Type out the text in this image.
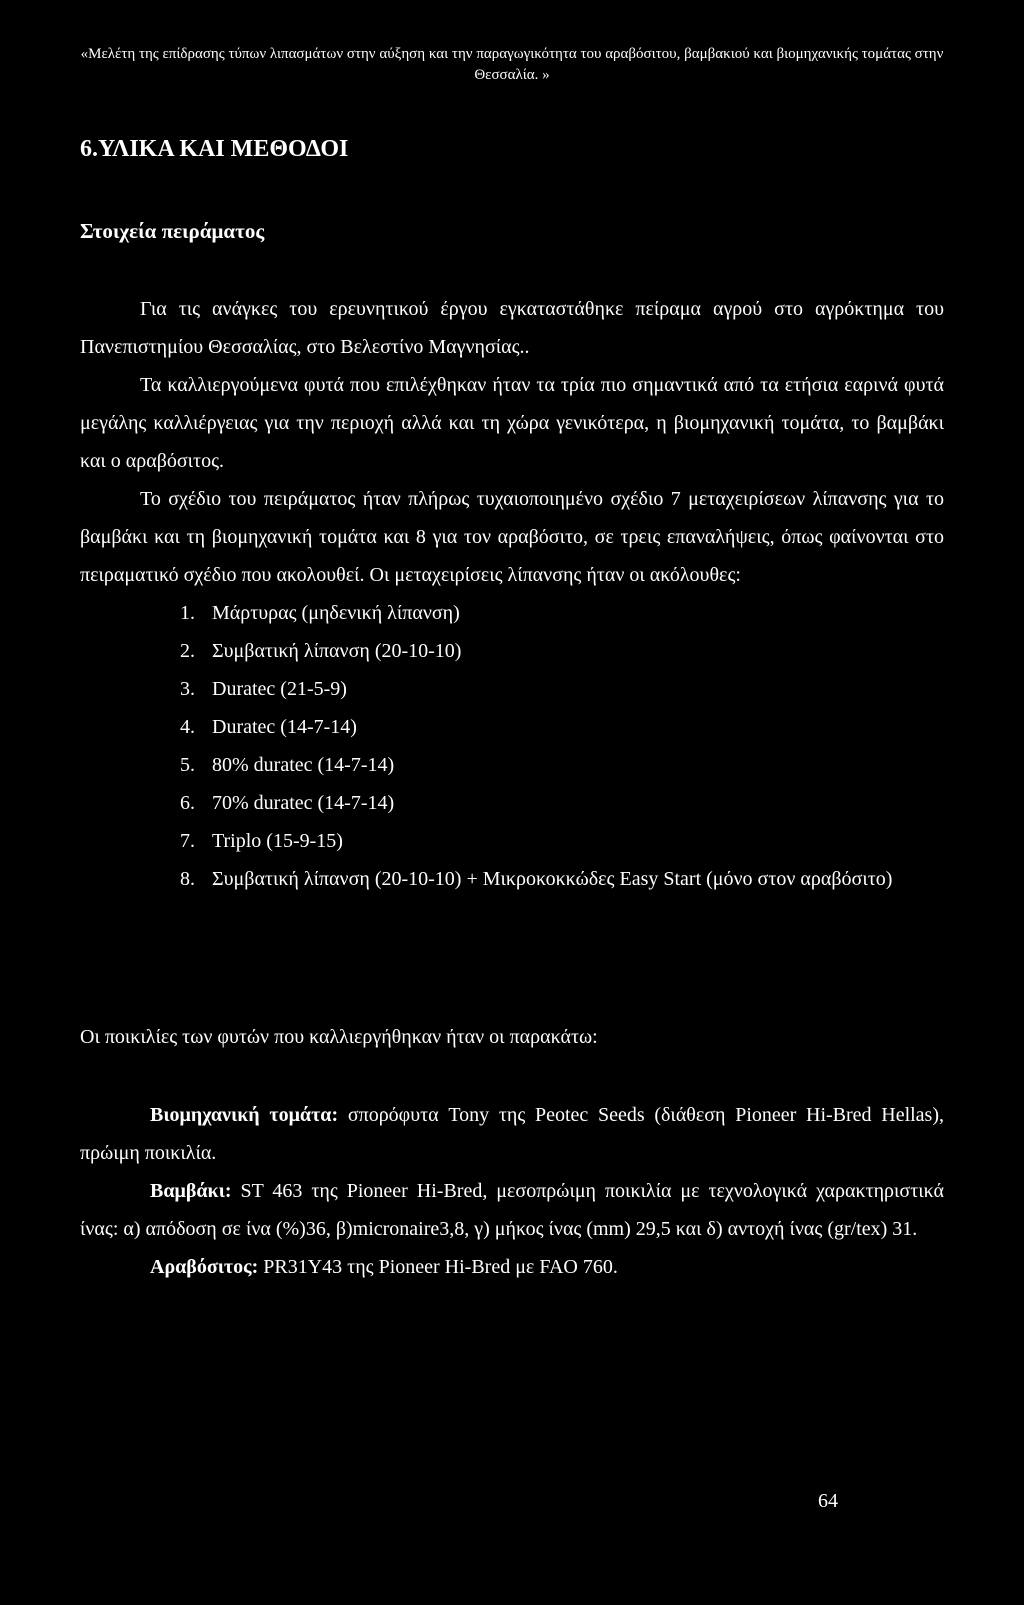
«Μελέτη της επίδρασης τύπων λιπασμάτων στην αύξηση και την παραγωγικότητα του αραβόσιτου, βαμβακιού και βιομηχανικής τομάτας στην Θεσσαλία. »
6.ΥΛΙΚΑ ΚΑΙ ΜΕΘΟΔΟΙ
Στοιχεία πειράματος

Για τις ανάγκες του ερευνητικού έργου εγκαταστάθηκε πείραμα αγρού στο αγρόκτημα του Πανεπιστημίου Θεσσαλίας, στο Βελεστίνο Μαγνησίας..

Τα καλλιεργούμενα φυτά που επιλέχθηκαν ήταν τα τρία πιο σημαντικά από τα ετήσια εαρινά φυτά μεγάλης καλλιέργειας για την περιοχή αλλά και τη χώρα γενικότερα, η βιομηχανική τομάτα, το βαμβάκι και ο αραβόσιτος.

Το σχέδιο του πειράματος ήταν πλήρως τυχαιοποιημένο σχέδιο 7 μεταχειρίσεων λίπανσης για το βαμβάκι και τη βιομηχανική τομάτα και 8 για τον αραβόσιτο, σε τρεις επαναλήψεις, όπως φαίνονται στο πειραματικό σχέδιο που ακολουθεί. Οι μεταχειρίσεις λίπανσης ήταν οι ακόλουθες:

1. Μάρτυρας (μηδενική λίπανση)
2. Συμβατική λίπανση (20-10-10)
3. Duratec (21-5-9)
4. Duratec (14-7-14)
5. 80% duratec (14-7-14)
6. 70% duratec (14-7-14)
7. Triplo (15-9-15)
8. Συμβατική λίπανση (20-10-10) + Μικροκοκκώδες Easy Start (μόνο στον αραβόσιτο)

Οι ποικιλίες των φυτών που καλλιεργήθηκαν ήταν οι παρακάτω:

Βιομηχανική τομάτα: σπορόφυτα Tony της Peotec Seeds (διάθεση Pioneer Hi-Bred Hellas), πρώιμη ποικιλία.

Βαμβάκι: ST 463 της Pioneer Hi-Bred, μεσοπρώιμη ποικιλία με τεχνολογικά χαρακτηριστικά ίνας: α) απόδοση σε ίνα (%)36, β)micronaire3,8, γ) μήκος ίνας (mm) 29,5 και δ) αντοχή ίνας (gr/tex) 31.

Αραβόσιτος: PR31Y43 της Pioneer Hi-Bred με FAO 760.

64
